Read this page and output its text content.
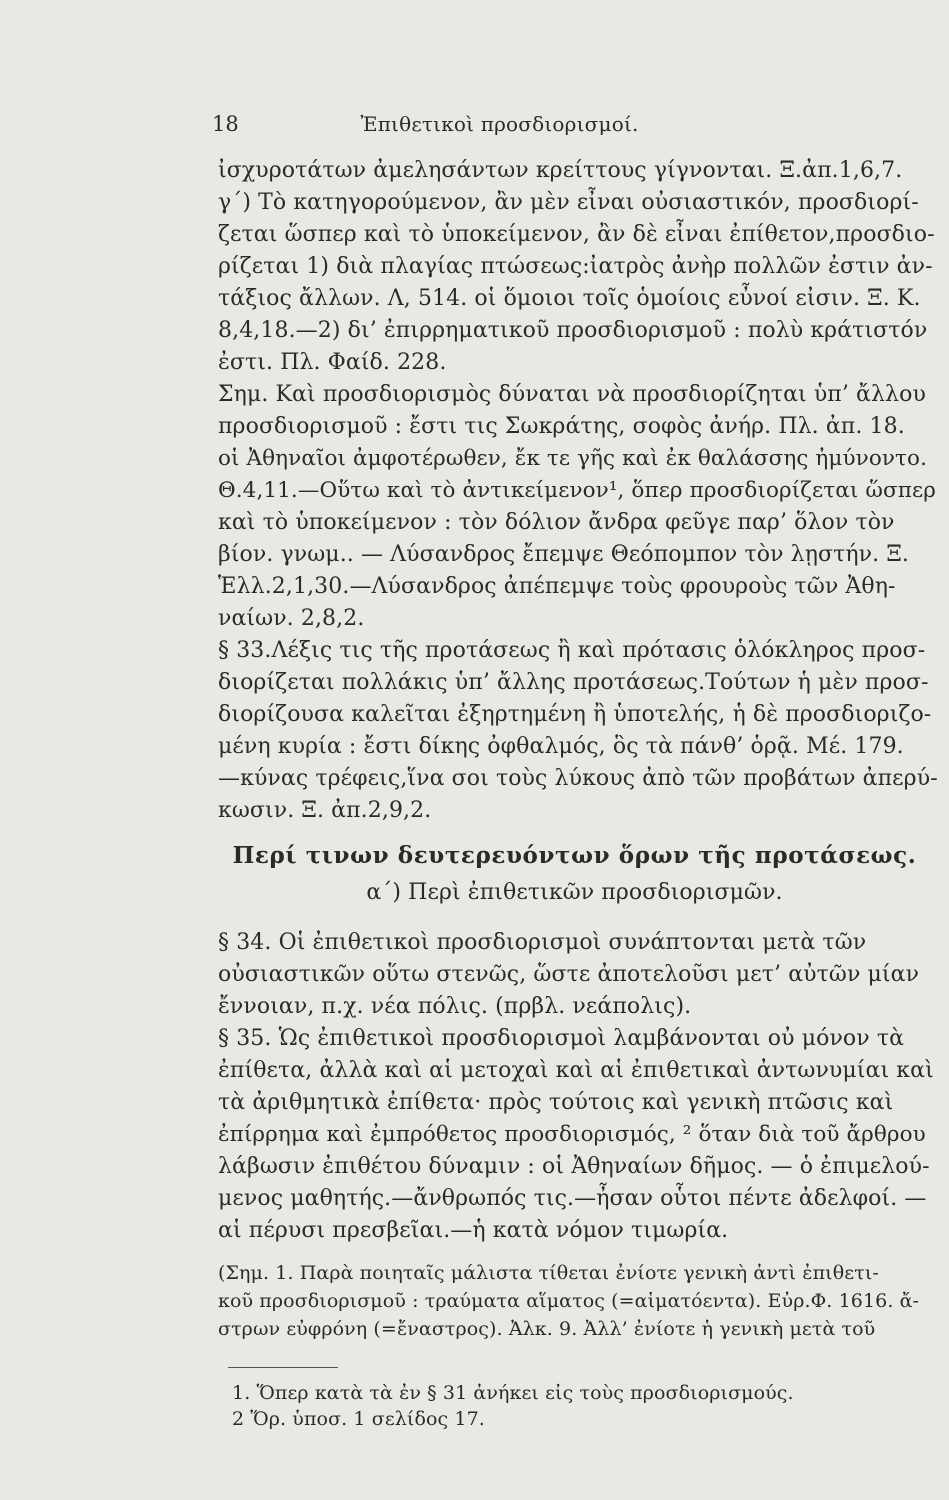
18	Ἐπιθετικοὶ προσδιορισμοί.
ἰσχυροτάτων ἀμελησάντων κρείττους γίγνονται. Ξ.ἀπ.1,6,7.
γ΄) Τὸ κατηγορούμενον, ἂν μὲν εἶναι οὐσιαστικόν, προσδιορί-
ζεται ὥσπερ καὶ τὸ ὑποκείμενον, ἂν δὲ εἶναι ἐπίθετον,προσδιο-
ρίζεται 1) διὰ πλαγίας πτώσεως:ἰατρὸς ἀνὴρ πολλῶν ἐστιν ἀν-
τάξιος ἄλλων. Λ, 514. οἱ ὅμοιοι τοῖς ὁμοίοις εὖνοί εἰσιν. Ξ. Κ.
8,4,18.—2) δι’ ἐπιρρηματικοῦ προσδιορισμοῦ : πολὺ κράτιστόν
ἐστι. Πλ. Φαίδ. 228.
Σημ. Καὶ προσδιορισμὸς δύναται νὰ προσδιορίζηται ὑπ’ ἄλλου
προσδιορισμοῦ : ἔστι τις Σωκράτης, σοφὸς ἀνήρ. Πλ. ἀπ. 18.
οἱ Ἀθηναῖοι ἀμφοτέρωθεν, ἔκ τε γῆς καὶ ἐκ θαλάσσης ἠμύνοντο.
Θ.4,11.—Οὕτω καὶ τὸ ἀντικείμενον¹, ὅπερ προσδιορίζεται ὥσπερ
καὶ τὸ ὑποκείμενον : τὸν δόλιον ἄνδρα φεῦγε παρ’ ὅλον τὸν
βίον. γνωμ.. — Λύσανδρος ἔπεμψε Θεόπομπον τὸν λῃστήν. Ξ.
Ἑλλ.2,1,30.—Λύσανδρος ἀπέπεμψε τοὺς φρουροὺς τῶν Ἀθη-
ναίων. 2,8,2.
§ 33.Λέξις τις τῆς προτάσεως ἢ καὶ πρότασις ὁλόκληρος προσ-
διορίζεται πολλάκις ὑπ’ ἄλλης προτάσεως.Τούτων ἡ μὲν προσ-
διορίζουσα καλεῖται ἐξηρτημένη ἢ ὑποτελής, ἡ δὲ προσδιοριζο-
μένη κυρία : ἔστι δίκης ὀφθαλμός, ὃς τὰ πάνθ’ ὁρᾷ. Μέ. 179.
—κύνας τρέφεις,ἵνα σοι τοὺς λύκους ἀπὸ τῶν προβάτων ἀπερύ-
κωσιν. Ξ. ἀπ.2,9,2.
Περί τινων δευτερευόντων ὅρων τῆς προτάσεως.
α΄) Περὶ ἐπιθετικῶν προσδιορισμῶν.
§ 34. Οἱ ἐπιθετικοὶ προσδιορισμοὶ συνάπτονται μετὰ τῶν
οὐσιαστικῶν οὕτω στενῶς, ὥστε ἀποτελοῦσι μετ’ αὐτῶν μίαν
ἔννοιαν, π.χ. νέα πόλις. (πρβλ. νεάπολις).
§ 35. Ὡς ἐπιθετικοὶ προσδιορισμοὶ λαμβάνονται οὐ μόνον τὰ
ἐπίθετα, ἀλλὰ καὶ αἱ μετοχαὶ καὶ αἱ ἐπιθετικαὶ ἀντωνυμίαι καὶ
τὰ ἀριθμητικὰ ἐπίθετα· πρὸς τούτοις καὶ γενικὴ πτῶσις καὶ
ἐπίρρημα καὶ ἐμπρόθετος προσδιορισμός, ² ὅταν διὰ τοῦ ἄρθρου
λάβωσιν ἐπιθέτου δύναμιν : οἱ Ἀθηναίων δῆμος. — ὁ ἐπιμελού-
μενος μαθητής.—ἄνθρωπός τις.—ἦσαν οὗτοι πέντε ἀδελφοί. —
αἱ πέρυσι πρεσβεῖαι.—ἡ κατὰ νόμον τιμωρία.
(Σημ. 1. Παρὰ ποιηταῖς μάλιστα τίθεται ἐνίοτε γενικὴ ἀντὶ ἐπιθετι-
κοῦ προσδιορισμοῦ : τραύματα αἵματος (=αἱματόεντα). Εὐρ.Φ. 1616. ἄ-
στρων εὐφρόνη (=ἔναστρος). Ἀλκ. 9. Ἀλλ’ ἐνίοτε ἡ γενικὴ μετὰ τοῦ
1. Ὅπερ κατὰ τὰ ἐν § 31 ἀνήκει εἰς τοὺς προσδιορισμούς.
2 Ὅρ. ὑποσ. 1 σελίδος 17.
